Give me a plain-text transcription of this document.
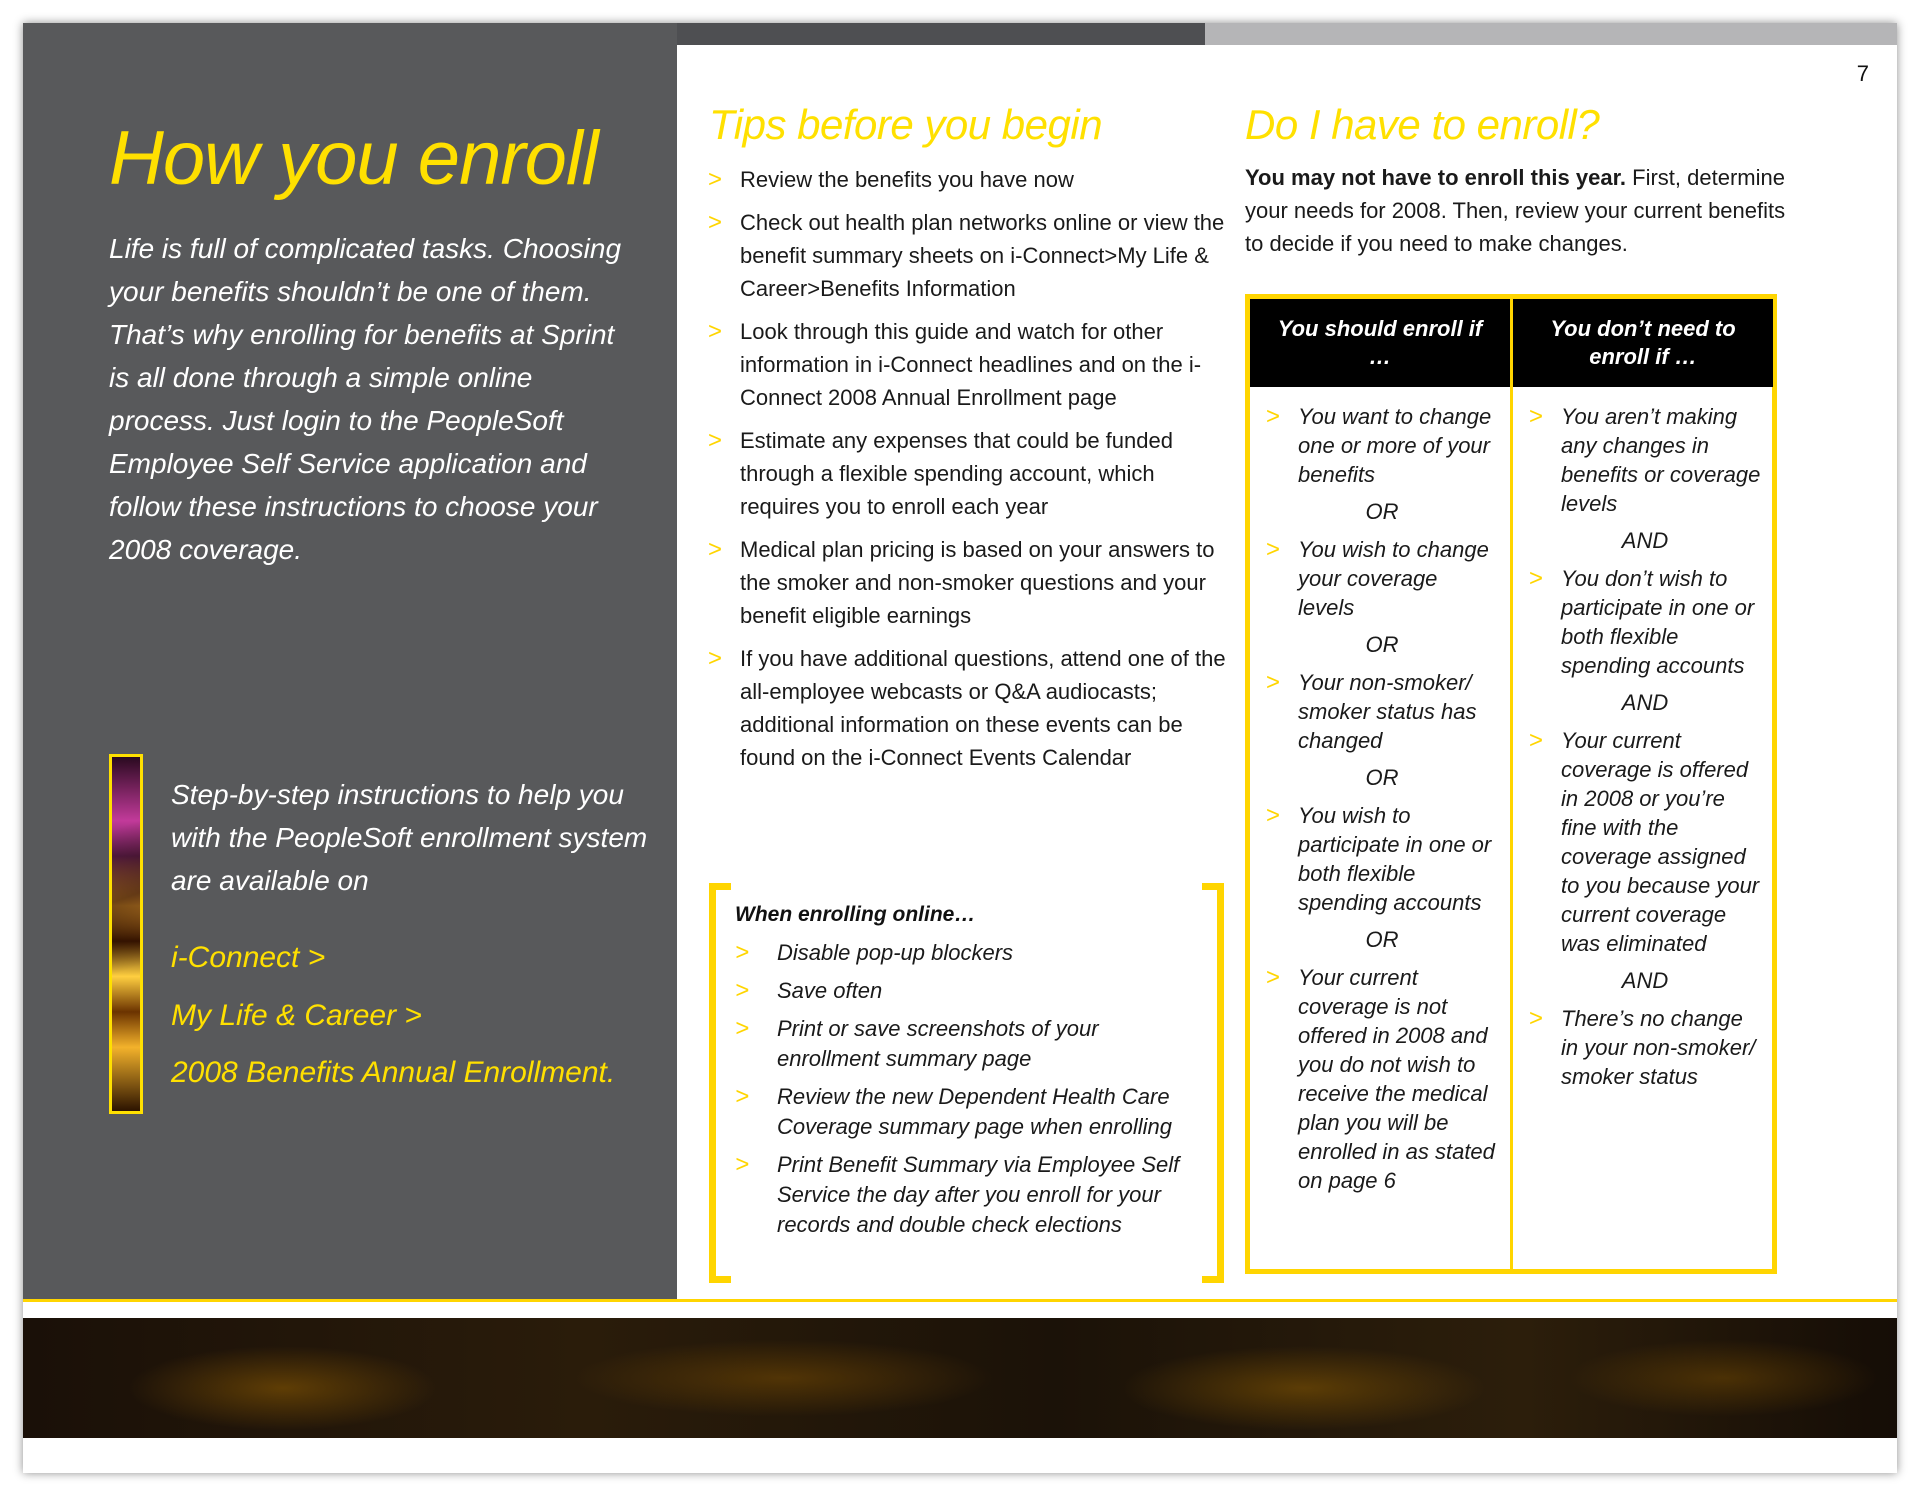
7
How you enroll

Life is full of complicated tasks. Choosing your benefits shouldn’t be one of them. That’s why enrolling for benefits at Sprint is all done through a simple online process. Just login to the PeopleSoft Employee Self Service application and follow these instructions to choose your 2008 coverage.

Step-by-step instructions to help you with the PeopleSoft enrollment system are available on

i-Connect >
My Life & Career >
2008 Benefits Annual Enrollment.
Tips before you begin
> Review the benefits you have now
> Check out health plan networks online or view the benefit summary sheets on i-Connect>My Life & Career>Benefits Information
> Look through this guide and watch for other information in i-Connect headlines and on the i-Connect 2008 Annual Enrollment page
> Estimate any expenses that could be funded through a flexible spending account, which requires you to enroll each year
> Medical plan pricing is based on your answers to the smoker and non-smoker questions and your benefit eligible earnings
> If you have additional questions, attend one of the all-employee webcasts or Q&A audiocasts; additional information on these events can be found on the i-Connect Events Calendar
When enrolling online…
> Disable pop-up blockers
> Save often
> Print or save screenshots of your enrollment summary page
> Review the new Dependent Health Care Coverage summary page when enrolling
> Print Benefit Summary via Employee Self Service the day after you enroll for your records and double check elections
Do I have to enroll?

You may not have to enroll this year. First, determine your needs for 2008. Then, review your current benefits to decide if you need to make changes.

You should enroll if …
> You want to change one or more of your benefits
OR
> You wish to change your coverage levels
OR
> Your non-smoker/ smoker status has changed
OR
> You wish to participate in one or both flexible spending accounts
OR
> Your current coverage is not offered in 2008 and you do not wish to receive the medical plan you will be enrolled in as stated on page 6
You don’t need to enroll if …
> You aren’t making any changes in benefits or coverage levels
AND
> You don’t wish to participate in one or both flexible spending accounts
AND
> Your current coverage is offered in 2008 or you’re fine with the coverage assigned to you because your current coverage was eliminated
AND
> There’s no change in your non-smoker/ smoker status
